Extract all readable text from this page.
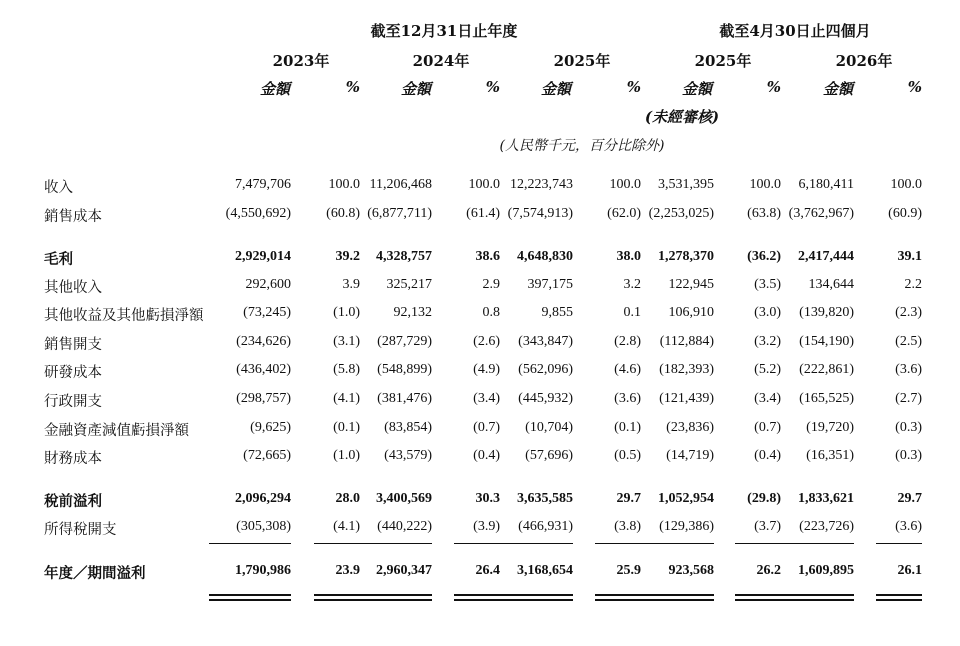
截至12月31日止年度	截至4月30日止四個月
2023年	2024年	2025年	2025年	2026年
金額	%	金額	%	金額	%	金額	%	金額	%
(未經審核)
(人民幣千元，百分比除外)
收入	7,479,706	100.0 11,206,468	100.0 12,223,743	100.0 3,531,395	100.0 6,180,411	100.0
銷售成本	(4,550,692)	(60.8) (6,877,711) (61.4) (7,574,913) (62.0) (2,253,025) (63.8) (3,762,967) (60.9)
毛利	2,929,014	39.2 4,328,757	38.6 4,648,830	38.0 1,278,370 (36.2) 2,417,444	39.1
其他收入	292,600	3.9 325,217	2.9 397,175	3.2 122,945	(3.5) 134,644	2.2
其他收益及其他虧損淨額	(73,245)	(1.0) 92,132	0.8	9,855	0.1 106,910	(3.0) (139,820)	(2.3)
銷售開支	(234,626)	(3.1) (287,729)	(2.6) (343,847)	(2.8) (112,884)	(3.2) (154,190)	(2.5)
研發成本	(436,402)	(5.8) (548,899)	(4.9) (562,096)	(4.6) (182,393)	(5.2) (222,861)	(3.6)
行政開支	(298,757)	(4.1) (381,476)	(3.4) (445,932)	(3.6) (121,439)	(3.4) (165,525)	(2.7)
金融資產減值虧損淨額	(9,625)	(0.1) (83,854)	(0.7) (10,704)	(0.1) (23,836)	(0.7) (19,720)	(0.3)
財務成本	(72,665)	(1.0) (43,579)	(0.4) (57,696)	(0.5) (14,719)	(0.4) (16,351)	(0.3)
稅前溢利	2,096,294	28.0 3,400,569	30.3 3,635,585	29.7 1,052,954 (29.8) 1,833,621	29.7
所得稅開支	(305,308)	(4.1) (440,222)	(3.9) (466,931)	(3.8) (129,386)	(3.7) (223,726)	(3.6)
年度／期間溢利	1,790,986	23.9 2,960,347	26.4 3,168,654	25.9 923,568	26.2 1,609,895	26.1
